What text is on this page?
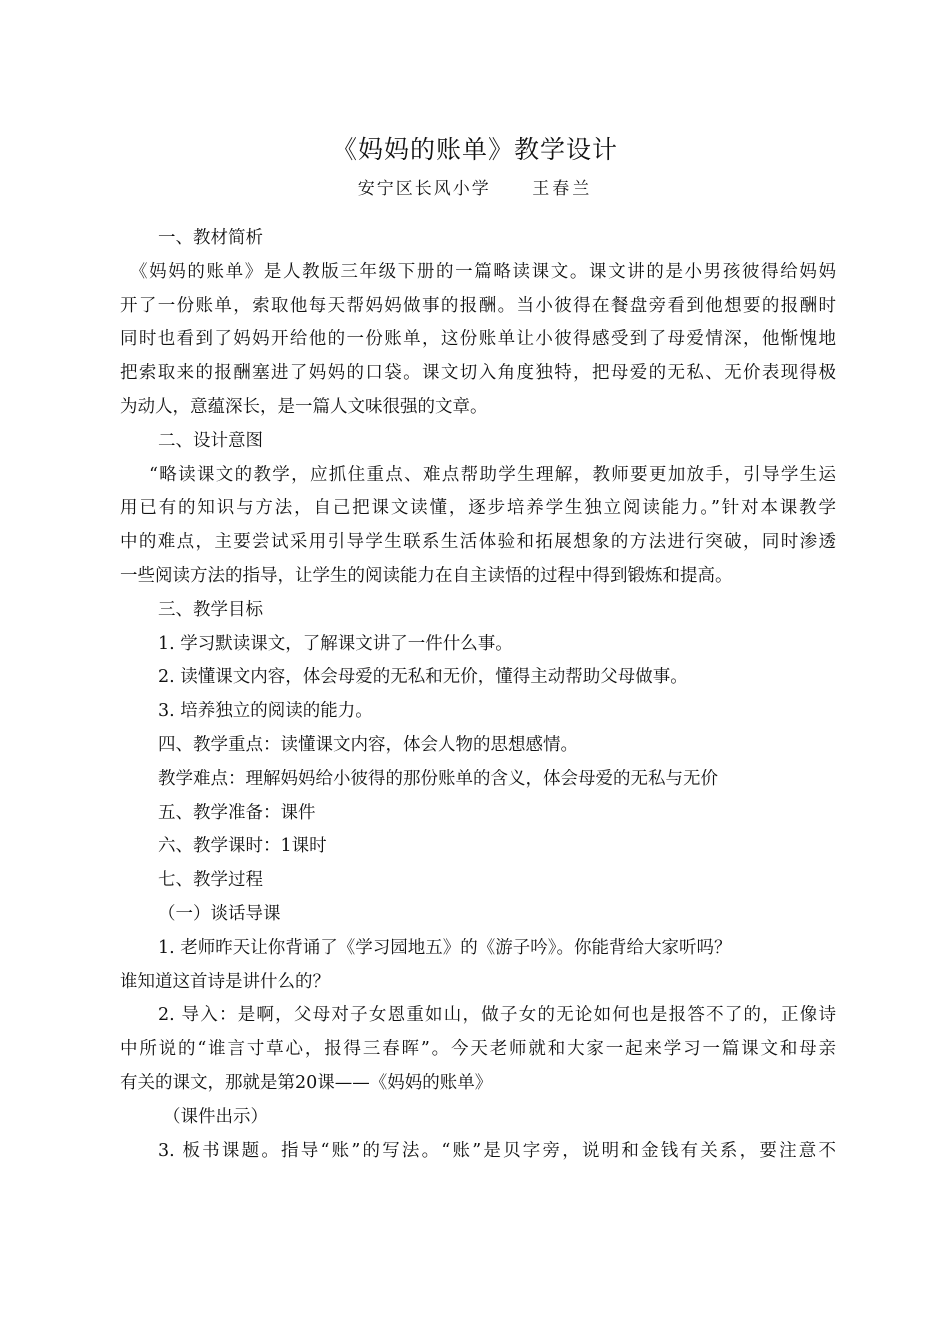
《妈妈的账单》教学设计
安宁区长风小学 王春兰
一、教材简析
《妈妈的账单》是人教版三年级下册的一篇略读课文。课文讲的是小男孩彼得给妈妈
开了一份账单，索取他每天帮妈妈做事的报酬。当小彼得在餐盘旁看到他想要的报酬时
同时也看到了妈妈开给他的一份账单，这份账单让小彼得感受到了母爱情深，他惭愧地
把索取来的报酬塞进了妈妈的口袋。课文切入角度独特，把母爱的无私、无价表现得极
为动人，意蕴深长，是一篇人文味很强的文章。
二、设计意图
“略读课文的教学，应抓住重点、难点帮助学生理解，教师要更加放手，引导学生运
用已有的知识与方法，自己把课文读懂，逐步培养学生独立阅读能力。”针对本课教学
中的难点，主要尝试采用引导学生联系生活体验和拓展想象的方法进行突破，同时渗透
一些阅读方法的指导，让学生的阅读能力在自主读悟的过程中得到锻炼和提高。
三、教学目标
1. 学习默读课文，了解课文讲了一件什么事。
2. 读懂课文内容，体会母爱的无私和无价，懂得主动帮助父母做事。
3. 培养独立的阅读的能力。
四、教学重点：读懂课文内容，体会人物的思想感情。
教学难点：理解妈妈给小彼得的那份账单的含义，体会母爱的无私与无价
五、教学准备：课件
六、教学课时：1课时
七、教学过程
（一）谈话导课
1. 老师昨天让你背诵了《学习园地五》的《游子吟》。你能背给大家听吗？
谁知道这首诗是讲什么的？
2. 导入：是啊，父母对子女恩重如山，做子女的无论如何也是报答不了的，正像诗
中所说的“谁言寸草心，报得三春晖”。今天老师就和大家一起来学习一篇课文和母亲
有关的课文，那就是第20课——《妈妈的账单》
（课件出示）
3. 板书课题。指导“账”的写法。“账”是贝字旁，说明和金钱有关系，要注意不
